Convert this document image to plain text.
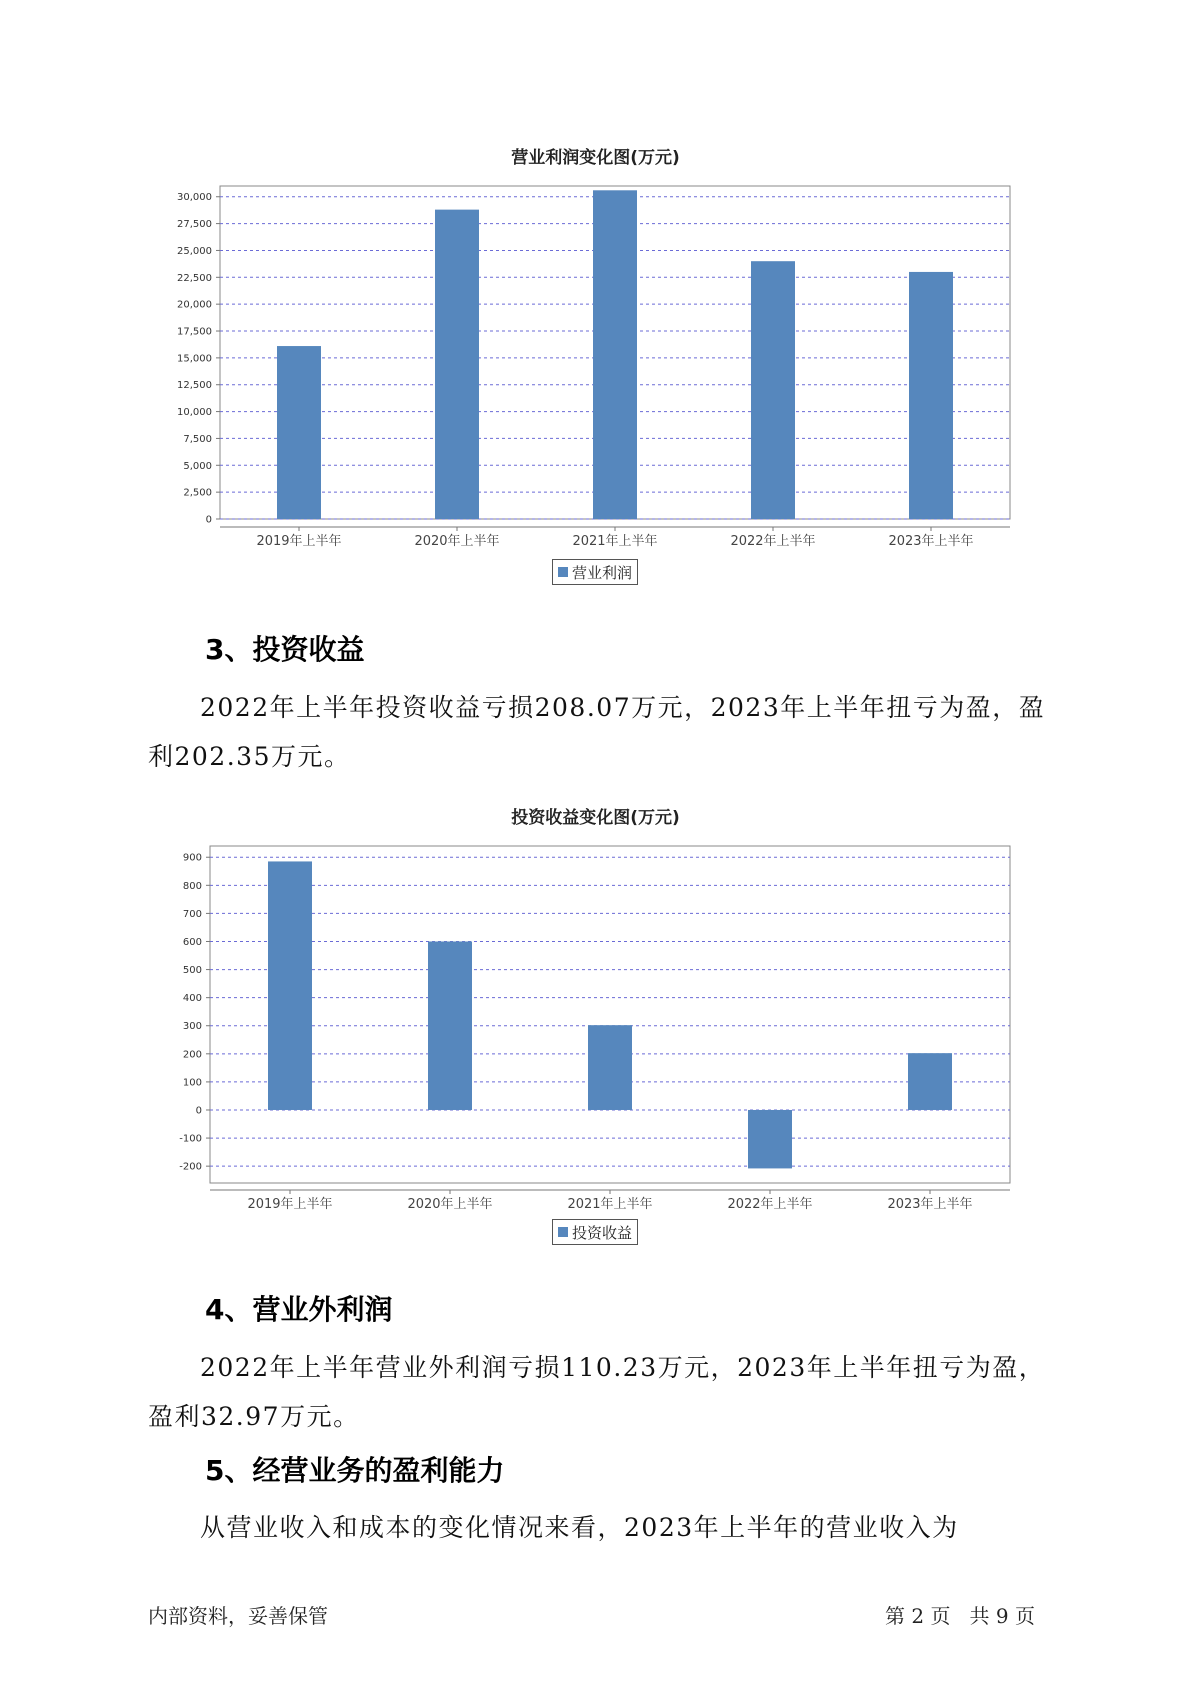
营业利润变化图(万元)
0
2,500
5,000
7,500
10,000
12,500
15,000
17,500
20,000
22,500
25,000
27,500
30,000
2019年上半年	2020年上半年	2021年上半年	2022年上半年	2023年上半年
营业利润
3、投资收益

2022年上半年投资收益亏损208.07万元，2023年上半年扭亏为盈，盈利202.35万元。

投资收益变化图(万元)
-200
-100
0
100
200
300
400
500
600
700
800
900
2019年上半年	2020年上半年	2021年上半年	2022年上半年	2023年上半年
投资收益
4、营业外利润

2022年上半年营业外利润亏损110.23万元，2023年上半年扭亏为盈，盈利32.97万元。

5、经营业务的盈利能力

从营业收入和成本的变化情况来看，2023年上半年的营业收入为

内部资料，妥善保管	第 2 页   共 9 页
